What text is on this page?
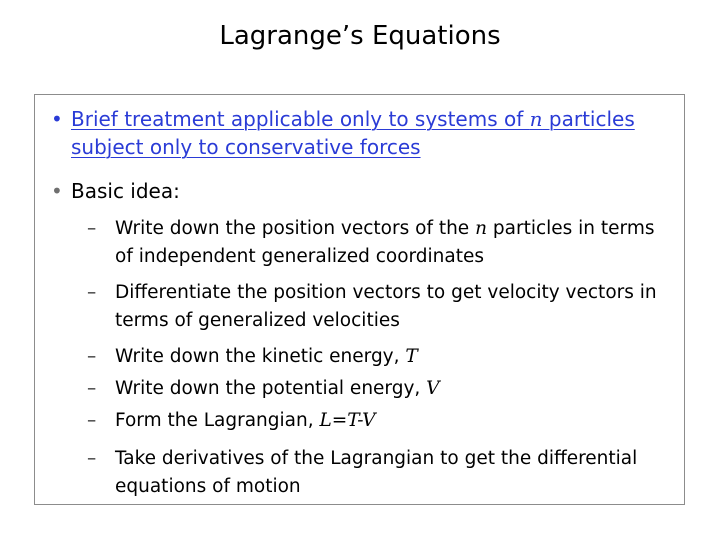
Lagrange’s Equations
• Brief treatment applicable only to systems of n particles subject only to conservative forces
• Basic idea:
–	Write down the position vectors of the n particles in terms of independent generalized coordinates
–	Differentiate the position vectors to get velocity vectors in terms of generalized velocities
–	Write down the kinetic energy, T
–	Write down the potential energy, V
–	Form the Lagrangian, L=T-V
–	Take derivatives of the Lagrangian to get the differential equations of motion
